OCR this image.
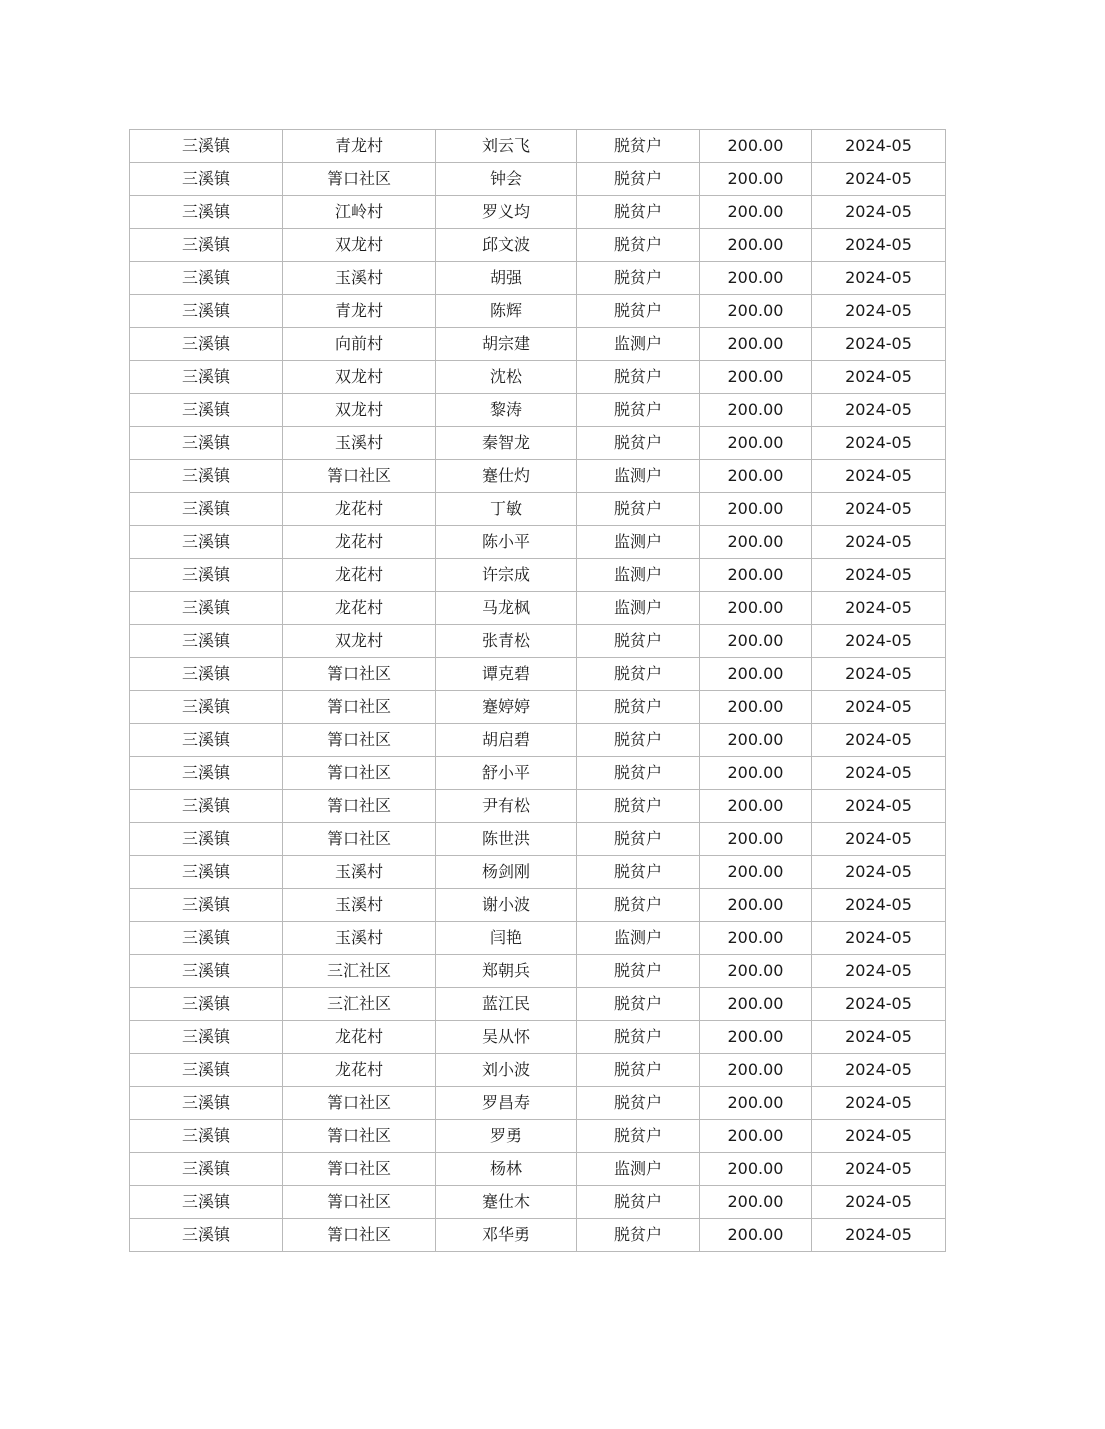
三溪镇	青龙村	刘云飞	脱贫户	200.00	2024-05
三溪镇	箐口社区	钟会	脱贫户	200.00	2024-05
三溪镇	江岭村	罗义均	脱贫户	200.00	2024-05
三溪镇	双龙村	邱文波	脱贫户	200.00	2024-05
三溪镇	玉溪村	胡强	脱贫户	200.00	2024-05
三溪镇	青龙村	陈辉	脱贫户	200.00	2024-05
三溪镇	向前村	胡宗建	监测户	200.00	2024-05
三溪镇	双龙村	沈松	脱贫户	200.00	2024-05
三溪镇	双龙村	黎涛	脱贫户	200.00	2024-05
三溪镇	玉溪村	秦智龙	脱贫户	200.00	2024-05
三溪镇	箐口社区	蹇仕灼	监测户	200.00	2024-05
三溪镇	龙花村	丁敏	脱贫户	200.00	2024-05
三溪镇	龙花村	陈小平	监测户	200.00	2024-05
三溪镇	龙花村	许宗成	监测户	200.00	2024-05
三溪镇	龙花村	马龙枫	监测户	200.00	2024-05
三溪镇	双龙村	张青松	脱贫户	200.00	2024-05
三溪镇	箐口社区	谭克碧	脱贫户	200.00	2024-05
三溪镇	箐口社区	蹇婷婷	脱贫户	200.00	2024-05
三溪镇	箐口社区	胡启碧	脱贫户	200.00	2024-05
三溪镇	箐口社区	舒小平	脱贫户	200.00	2024-05
三溪镇	箐口社区	尹有松	脱贫户	200.00	2024-05
三溪镇	箐口社区	陈世洪	脱贫户	200.00	2024-05
三溪镇	玉溪村	杨剑刚	脱贫户	200.00	2024-05
三溪镇	玉溪村	谢小波	脱贫户	200.00	2024-05
三溪镇	玉溪村	闫艳	监测户	200.00	2024-05
三溪镇	三汇社区	郑朝兵	脱贫户	200.00	2024-05
三溪镇	三汇社区	蓝江民	脱贫户	200.00	2024-05
三溪镇	龙花村	吴从怀	脱贫户	200.00	2024-05
三溪镇	龙花村	刘小波	脱贫户	200.00	2024-05
三溪镇	箐口社区	罗昌寿	脱贫户	200.00	2024-05
三溪镇	箐口社区	罗勇	脱贫户	200.00	2024-05
三溪镇	箐口社区	杨林	监测户	200.00	2024-05
三溪镇	箐口社区	蹇仕木	脱贫户	200.00	2024-05
三溪镇	箐口社区	邓华勇	脱贫户	200.00	2024-05
